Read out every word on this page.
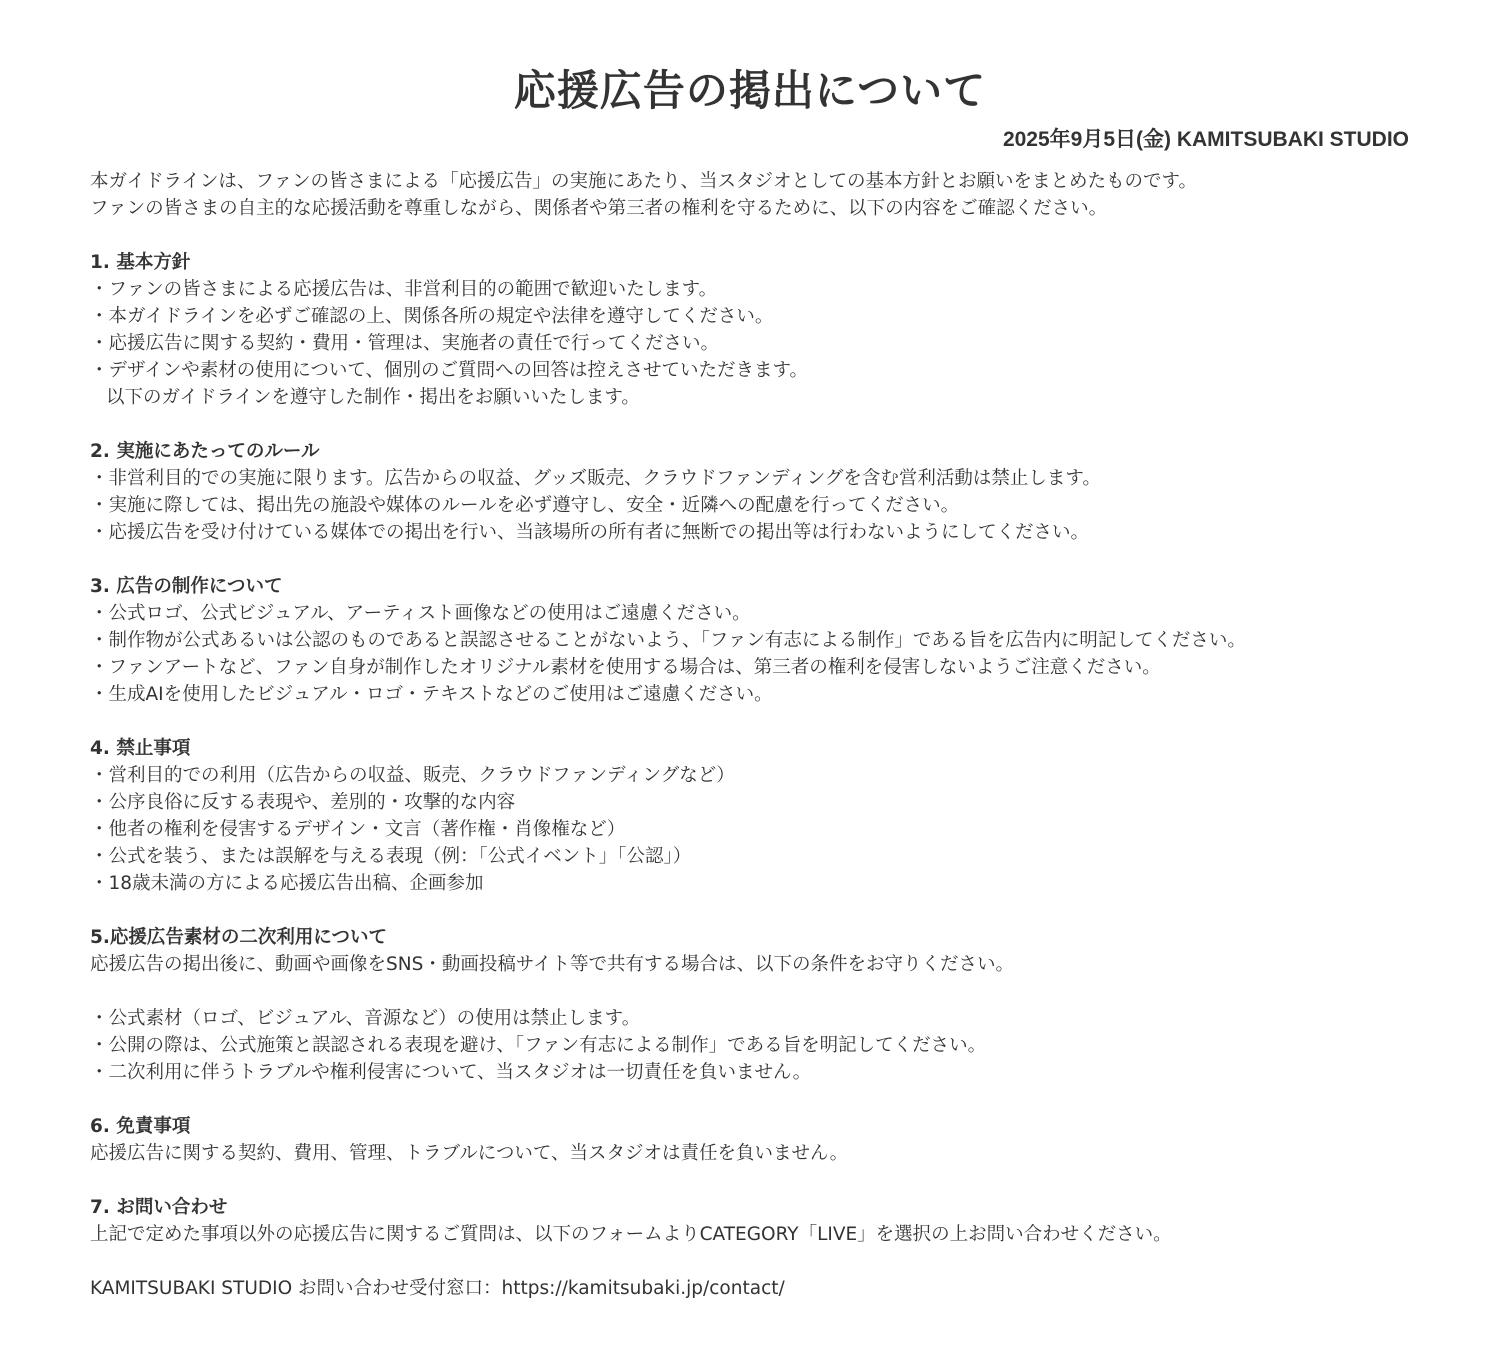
応援広告の掲出について
2025年9月5日(金) KAMITSUBAKI STUDIO
本ガイドラインは、ファンの皆さまによる「応援広告」の実施にあたり、当スタジオとしての基本方針とお願いをまとめたものです。
ファンの皆さまの自主的な応援活動を尊重しながら、関係者や第三者の権利を守るために、以下の内容をご確認ください。
1. 基本方針
・ファンの皆さまによる応援広告は、非営利目的の範囲で歓迎いたします。
・本ガイドラインを必ずご確認の上、関係各所の規定や法律を遵守してください。
・応援広告に関する契約・費用・管理は、実施者の責任で行ってください。
・デザインや素材の使用について、個別のご質問への回答は控えさせていただきます。
以下のガイドラインを遵守した制作・掲出をお願いいたします。
2. 実施にあたってのルール
・非営利目的での実施に限ります。広告からの収益、グッズ販売、クラウドファンディングを含む営利活動は禁止します。
・実施に際しては、掲出先の施設や媒体のルールを必ず遵守し、安全・近隣への配慮を行ってください。
・応援広告を受け付けている媒体での掲出を行い、当該場所の所有者に無断での掲出等は行わないようにしてください。
3. 広告の制作について
・公式ロゴ、公式ビジュアル、アーティスト画像などの使用はご遠慮ください。
・制作物が公式あるいは公認のものであると誤認させることがないよう、「ファン有志による制作」である旨を広告内に明記してください。
・ファンアートなど、ファン自身が制作したオリジナル素材を使用する場合は、第三者の権利を侵害しないようご注意ください。
・生成AIを使用したビジュアル・ロゴ・テキストなどのご使用はご遠慮ください。
4. 禁止事項
・営利目的での利用（広告からの収益、販売、クラウドファンディングなど）
・公序良俗に反する表現や、差別的・攻撃的な内容
・他者の権利を侵害するデザイン・文言（著作権・肖像権など）
・公式を装う、または誤解を与える表現（例：「公式イベント」「公認」）
・18歳未満の方による応援広告出稿、企画参加
5.応援広告素材の二次利用について
応援広告の掲出後に、動画や画像をSNS・動画投稿サイト等で共有する場合は、以下の条件をお守りください。
・公式素材（ロゴ、ビジュアル、音源など）の使用は禁止します。
・公開の際は、公式施策と誤認される表現を避け、「ファン有志による制作」である旨を明記してください。
・二次利用に伴うトラブルや権利侵害について、当スタジオは一切責任を負いません。
6. 免責事項
応援広告に関する契約、費用、管理、トラブルについて、当スタジオは責任を負いません。
7. お問い合わせ
上記で定めた事項以外の応援広告に関するご質問は、以下のフォームよりCATEGORY「LIVE」を選択の上お問い合わせください。
KAMITSUBAKI STUDIO お問い合わせ受付窓口：https://kamitsubaki.jp/contact/
